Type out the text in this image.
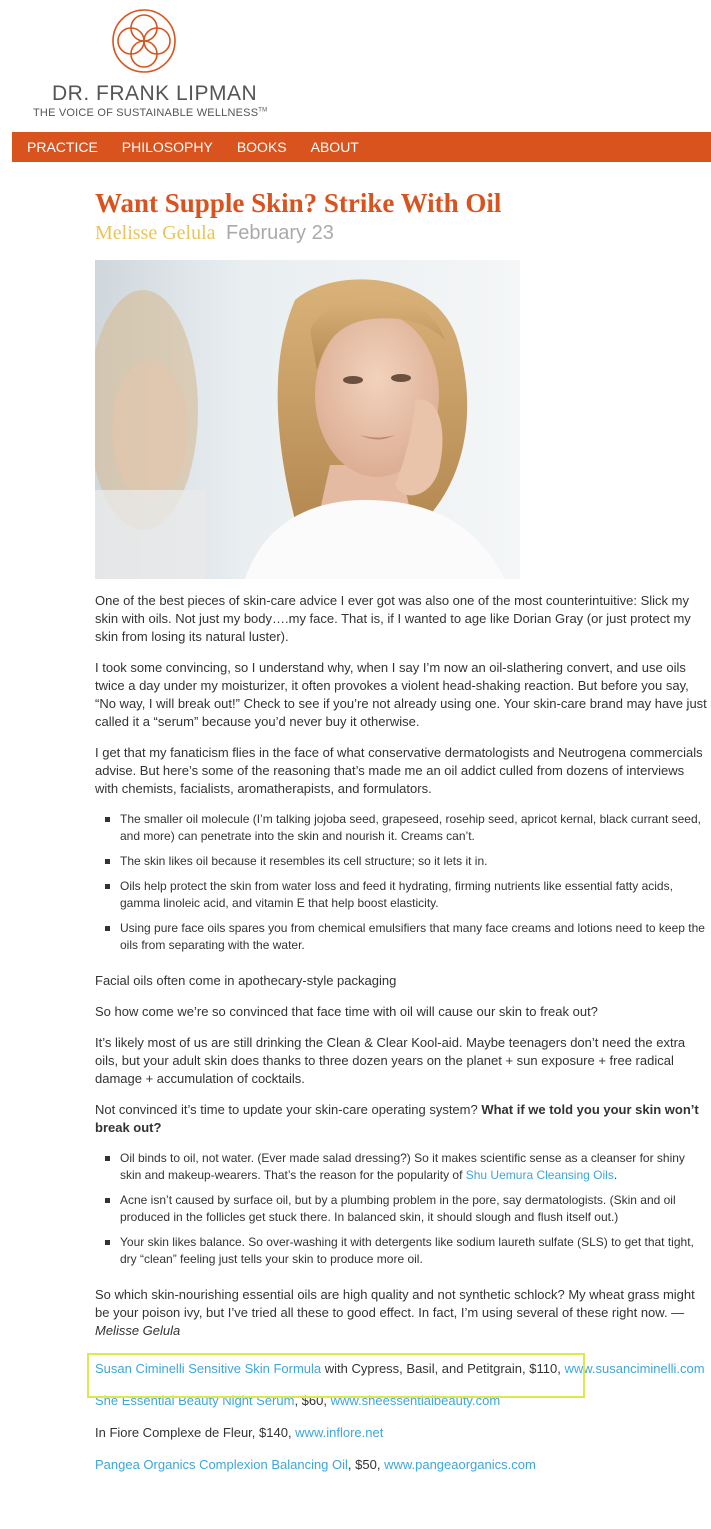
DR. FRANK LIPMAN
THE VOICE OF SUSTAINABLE WELLNESS™
PRACTICE PHILOSOPHY BOOKS ABOUT
Want Supple Skin? Strike With Oil
Melisse Gelula February 23

One of the best pieces of skin-care advice I ever got was also one of the most counterintuitive: Slick my skin with oils. Not just my body….my face. That is, if I wanted to age like Dorian Gray (or just protect my skin from losing its natural luster).

I took some convincing, so I understand why, when I say I’m now an oil-slathering convert, and use oils twice a day under my moisturizer, it often provokes a violent head-shaking reaction. But before you say, “No way, I will break out!” Check to see if you’re not already using one. Your skin-care brand may have just called it a “serum” because you’d never buy it otherwise.

I get that my fanaticism flies in the face of what conservative dermatologists and Neutrogena commercials advise. But here’s some of the reasoning that’s made me an oil addict culled from dozens of interviews with chemists, facialists, aromatherapists, and formulators.

The smaller oil molecule (I’m talking jojoba seed, grapeseed, rosehip seed, apricot kernal, black currant seed, and more) can penetrate into the skin and nourish it. Creams can’t.
The skin likes oil because it resembles its cell structure; so it lets it in.
Oils help protect the skin from water loss and feed it hydrating, firming nutrients like essential fatty acids, gamma linoleic acid, and vitamin E that help boost elasticity.
Using pure face oils spares you from chemical emulsifiers that many face creams and lotions need to keep the oils from separating with the water.

Facial oils often come in apothecary-style packaging

So how come we’re so convinced that face time with oil will cause our skin to freak out?

It’s likely most of us are still drinking the Clean & Clear Kool-aid. Maybe teenagers don’t need the extra oils, but your adult skin does thanks to three dozen years on the planet + sun exposure + free radical damage + accumulation of cocktails.

Not convinced it’s time to update your skin-care operating system? What if we told you your skin won’t break out?

Oil binds to oil, not water. (Ever made salad dressing?) So it makes scientific sense as a cleanser for shiny skin and makeup-wearers. That’s the reason for the popularity of Shu Uemura Cleansing Oils.
Acne isn’t caused by surface oil, but by a plumbing problem in the pore, say dermatologists. (Skin and oil produced in the follicles get stuck there. In balanced skin, it should slough and flush itself out.)
Your skin likes balance. So over-washing it with detergents like sodium laureth sulfate (SLS) to get that tight, dry “clean” feeling just tells your skin to produce more oil.

So which skin-nourishing essential oils are high quality and not synthetic schlock? My wheat grass might be your poison ivy, but I’ve tried all these to good effect. In fact, I’m using several of these right now. — Melisse Gelula

Susan Ciminelli Sensitive Skin Formula with Cypress, Basil, and Petitgrain, $110, www.susanciminelli.com
She Essential Beauty Night Serum, $60, www.sheessentialbeauty.com
In Fiore Complexe de Fleur, $140, www.inflore.net
Pangea Organics Complexion Balancing Oil, $50, www.pangeaorganics.com
